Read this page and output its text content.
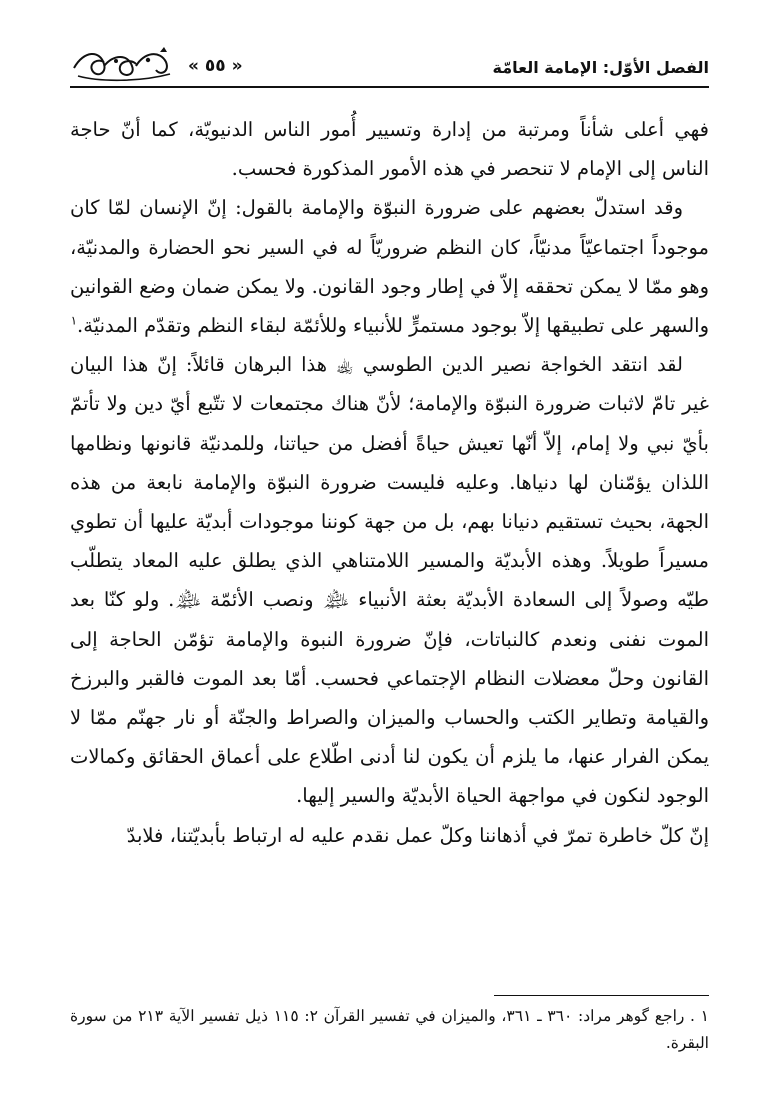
الفصل الأوّل: الإمامة العامّة
« ٥٥ »

فهي أعلى شأناً ومرتبة من إدارة وتسيير أُمور الناس الدنيويّة، كما أنّ حاجة الناس إلى الإمام لا تنحصر في هذه الأمور المذكورة فحسب.

وقد استدلّ بعضهم على ضرورة النبوّة والإمامة بالقول: إنّ الإنسان لمّا كان موجوداً اجتماعيّاً مدنيّاً، كان النظم ضروريّاً له في السير نحو الحضارة والمدنيّة، وهو ممّا لا يمكن تحققه إلاّ في إطار وجود القانون. ولا يمكن ضمان وضع القوانين والسهر على تطبيقها إلاّ بوجود مستمرٍّ للأنبياء وللأئمّة لبقاء النظم وتقدّم المدنيّة.$^١$

لقد انتقد الخواجة نصير الدين الطوسي ﵀ هذا البرهان قائلاً: إنّ هذا البيان غير تامّ لاثبات ضرورة النبوّة والإمامة؛ لأنّ هناك مجتمعات لا تتّبع أيّ دين ولا تأتمّ بأيّ نبي ولا إمام، إلاّ أنّها تعيش حياةً أفضل من حياتنا، وللمدنيّة قانونها ونظامها اللذان يؤمّنان لها دنياها. وعليه فليست ضرورة النبوّة والإمامة نابعة من هذه الجهة، بحيث تستقيم دنيانا بهم، بل من جهة كوننا موجودات أبديّة عليها أن تطوي مسيراً طويلاً. وهذه الأبديّة والمسير اللامتناهي الذي يطلق عليه المعاد يتطلّب طيّه وصولاً إلى السعادة الأبديّة بعثة الأنبياء ﵈ ونصب الأئمّة ﵈. ولو كنّا بعد الموت نفنى ونعدم كالنباتات، فإنّ ضرورة النبوة والإمامة تؤمّن الحاجة إلى القانون وحلّ معضلات النظام الإجتماعي فحسب. أمّا بعد الموت فالقبر والبرزخ والقيامة وتطاير الكتب والحساب والميزان والصراط والجنّة أو نار جهنّم ممّا لا يمكن الفرار عنها، ما يلزم أن يكون لنا أدنى اطّلاع على أعماق الحقائق وكمالات الوجود لنكون في مواجهة الحياة الأبديّة والسير إليها.

إنّ كلّ خاطرة تمرّ في أذهاننا وكلّ عمل نقدم عليه له ارتباط بأبديّتنا، فلابدّ

١ . راجع گوهر مراد: ٣٦٠ ـ ٣٦١، والميزان في تفسير القرآن ٢: ١١٥ ذيل تفسير الآية ٢١٣ من سورة البقرة.
